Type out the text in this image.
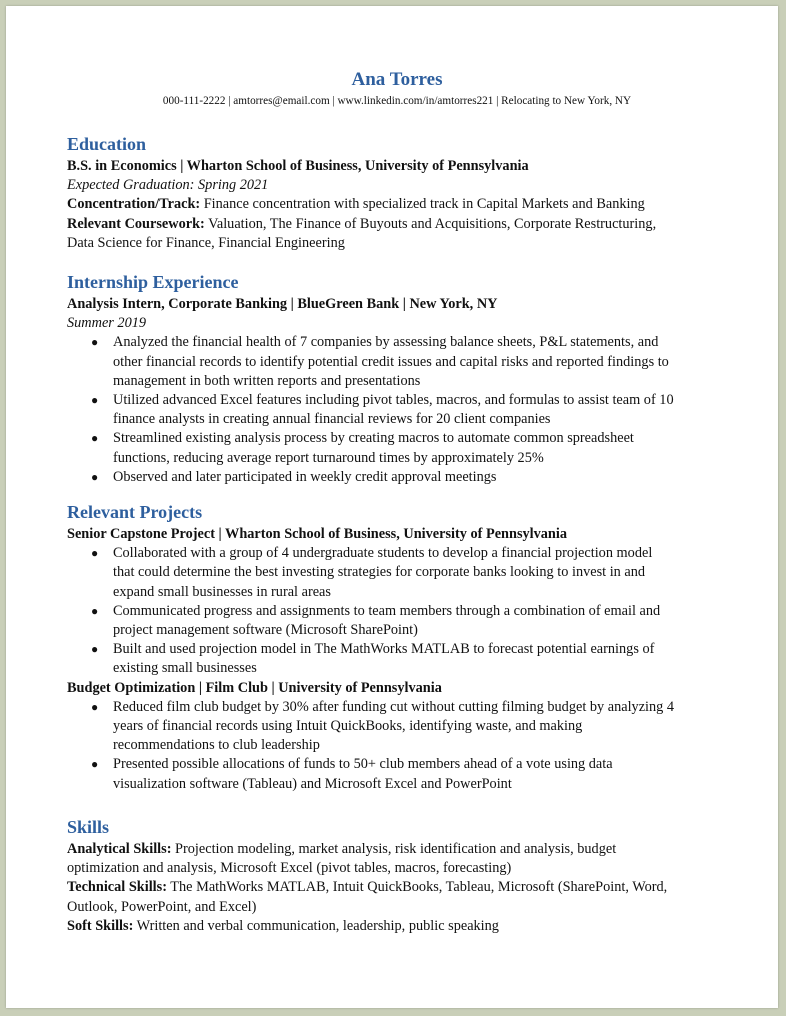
Ana Torres
000-111-2222 | amtorres@email.com | www.linkedin.com/in/amtorres221 | Relocating to New York, NY
Education
B.S. in Economics | Wharton School of Business, University of Pennsylvania
Expected Graduation: Spring 2021
Concentration/Track: Finance concentration with specialized track in Capital Markets and Banking
Relevant Coursework: Valuation, The Finance of Buyouts and Acquisitions, Corporate Restructuring,
Data Science for Finance, Financial Engineering
Internship Experience
Analysis Intern, Corporate Banking | BlueGreen Bank | New York, NY
Summer 2019
● Analyzed the financial health of 7 companies by assessing balance sheets, P&L statements, and
other financial records to identify potential credit issues and capital risks and reported findings to
management in both written reports and presentations
● Utilized advanced Excel features including pivot tables, macros, and formulas to assist team of 10
finance analysts in creating annual financial reviews for 20 client companies
● Streamlined existing analysis process by creating macros to automate common spreadsheet
functions, reducing average report turnaround times by approximately 25%
● Observed and later participated in weekly credit approval meetings
Relevant Projects
Senior Capstone Project | Wharton School of Business, University of Pennsylvania
● Collaborated with a group of 4 undergraduate students to develop a financial projection model
that could determine the best investing strategies for corporate banks looking to invest in and
expand small businesses in rural areas
● Communicated progress and assignments to team members through a combination of email and
project management software (Microsoft SharePoint)
● Built and used projection model in The MathWorks MATLAB to forecast potential earnings of
existing small businesses
Budget Optimization | Film Club | University of Pennsylvania
● Reduced film club budget by 30% after funding cut without cutting filming budget by analyzing 4
years of financial records using Intuit QuickBooks, identifying waste, and making
recommendations to club leadership
● Presented possible allocations of funds to 50+ club members ahead of a vote using data
visualization software (Tableau) and Microsoft Excel and PowerPoint
Skills
Analytical Skills: Projection modeling, market analysis, risk identification and analysis, budget
optimization and analysis, Microsoft Excel (pivot tables, macros, forecasting)
Technical Skills: The MathWorks MATLAB, Intuit QuickBooks, Tableau, Microsoft (SharePoint, Word,
Outlook, PowerPoint, and Excel)
Soft Skills: Written and verbal communication, leadership, public speaking
